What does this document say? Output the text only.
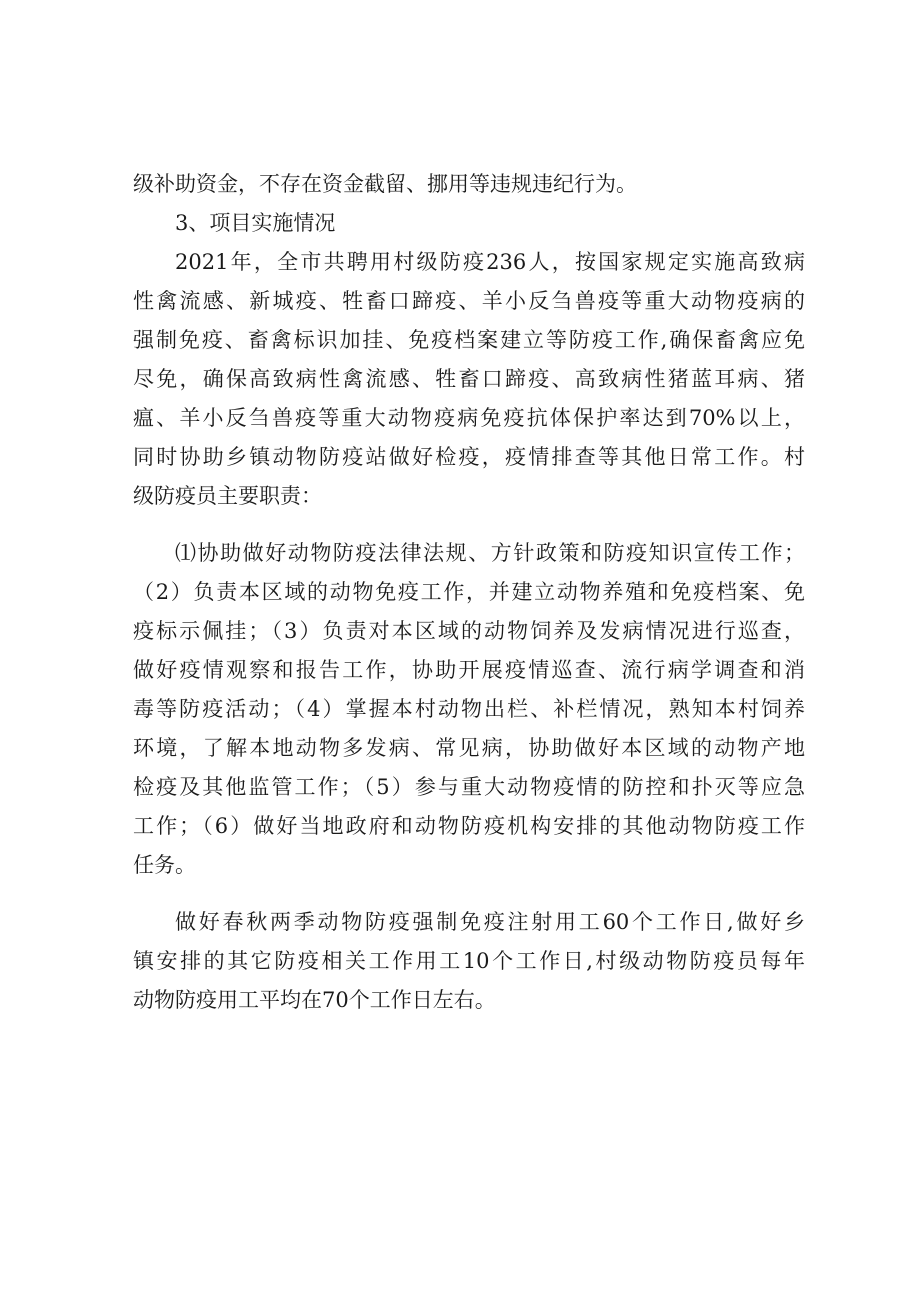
级补助资金，不存在资金截留、挪用等违规违纪行为。
3、项目实施情况
2021年，全市共聘用村级防疫236人，按国家规定实施高致病
性禽流感、新城疫、牲畜口蹄疫、羊小反刍兽疫等重大动物疫病的
强制免疫、畜禽标识加挂、免疫档案建立等防疫工作,确保畜禽应免
尽免，确保高致病性禽流感、牲畜口蹄疫、高致病性猪蓝耳病、猪
瘟、羊小反刍兽疫等重大动物疫病免疫抗体保护率达到70%以上，
同时协助乡镇动物防疫站做好检疫，疫情排查等其他日常工作。村
级防疫员主要职责：
⑴协助做好动物防疫法律法规、方针政策和防疫知识宣传工作；
（2）负责本区域的动物免疫工作，并建立动物养殖和免疫档案、免
疫标示佩挂；（3）负责对本区域的动物饲养及发病情况进行巡查，
做好疫情观察和报告工作，协助开展疫情巡查、流行病学调查和消
毒等防疫活动；（4）掌握本村动物出栏、补栏情况，熟知本村饲养
环境，了解本地动物多发病、常见病，协助做好本区域的动物产地
检疫及其他监管工作；（5）参与重大动物疫情的防控和扑灭等应急
工作；（6）做好当地政府和动物防疫机构安排的其他动物防疫工作
任务。
做好春秋两季动物防疫强制免疫注射用工60个工作日,做好乡
镇安排的其它防疫相关工作用工10个工作日,村级动物防疫员每年
动物防疫用工平均在70个工作日左右。
